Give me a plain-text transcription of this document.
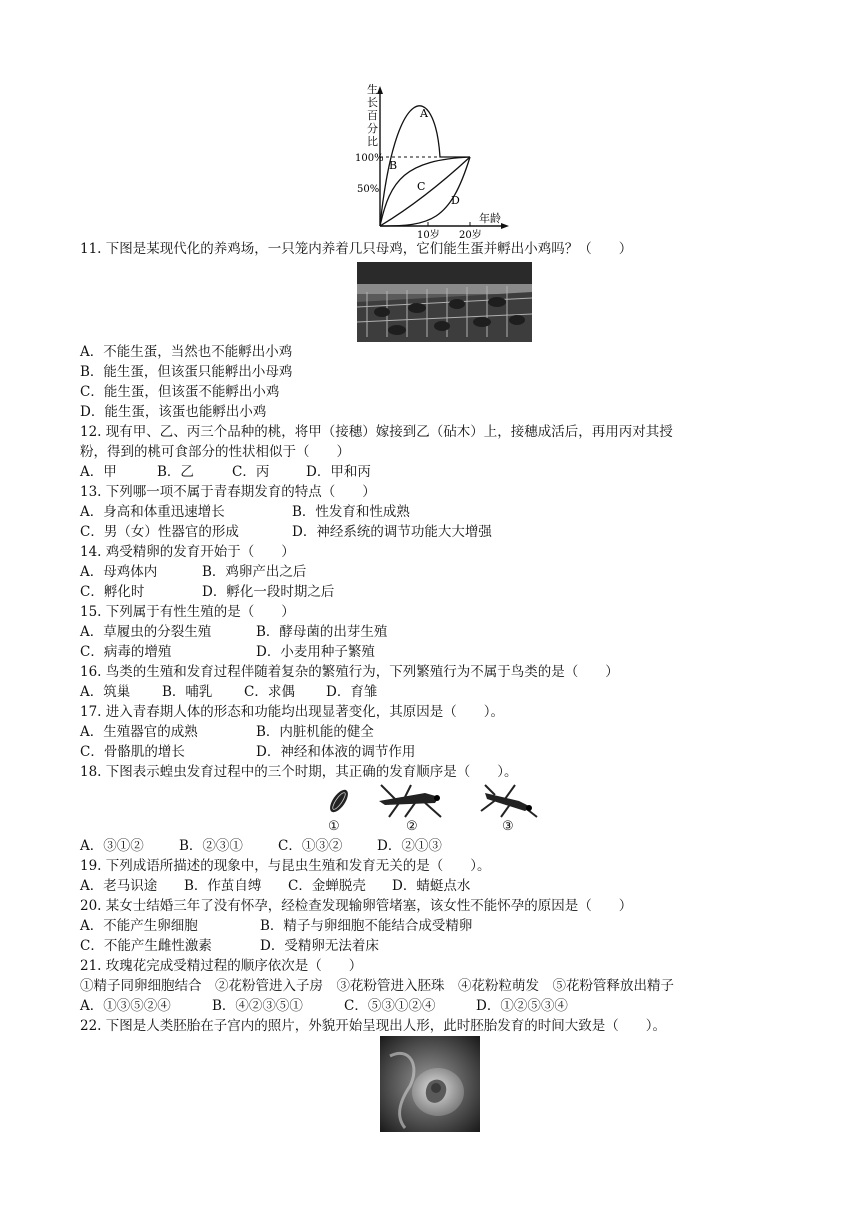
生
长
百
分
比
100%
50%
A
B
C
D
10岁 20岁
年龄
11. 下图是某现代化的养鸡场，一只笼内养着几只母鸡，它们能生蛋并孵出小鸡吗？（　　）
A．不能生蛋，当然也不能孵出小鸡
B．能生蛋，但该蛋只能孵出小母鸡
C．能生蛋，但该蛋不能孵出小鸡
D．能生蛋，该蛋也能孵出小鸡
12. 现有甲、乙、丙三个品种的桃，将甲（接穗）嫁接到乙（砧木）上，接穗成活后，再用丙对其授
粉，得到的桃可食部分的性状相似于（　　）
A．甲	B．乙	C．丙	D．甲和丙
13. 下列哪一项不属于青春期发育的特点（　　）
A．身高和体重迅速增长	B．性发育和性成熟
C．男（女）性器官的形成	D．神经系统的调节功能大大增强
14. 鸡受精卵的发育开始于（　　）
A．母鸡体内	B．鸡卵产出之后
C．孵化时	D．孵化一段时期之后
15. 下列属于有性生殖的是（　　）
A．草履虫的分裂生殖	B．酵母菌的出芽生殖
C．病毒的增殖	D．小麦用种子繁殖
16. 鸟类的生殖和发育过程伴随着复杂的繁殖行为，下列繁殖行为不属于鸟类的是（　　）
A．筑巢 B．哺乳 C．求偶 D．育雏
17. 进入青春期人体的形态和功能均出现显著变化，其原因是（　　）。
A．生殖器官的成熟	B．内脏机能的健全
C．骨骼肌的增长	D．神经和体液的调节作用
18. 下图表示蝗虫发育过程中的三个时期，其正确的发育顺序是（　　）。
①	②	③
A．③①②	B．②③①	C．①③②	D．②①③
19. 下列成语所描述的现象中，与昆虫生殖和发育无关的是（　　）。
A．老马识途 B．作茧自缚 C．金蝉脱壳 D．蜻蜓点水
20. 某女士结婚三年了没有怀孕，经检查发现输卵管堵塞，该女性不能怀孕的原因是（　　）
A．不能产生卵细胞	B．精子与卵细胞不能结合成受精卵
C．不能产生雌性激素	D．受精卵无法着床
21. 玫瑰花完成受精过程的顺序依次是（　　）
①精子同卵细胞结合　②花粉管进入子房　③花粉管进入胚珠　④花粉粒萌发　⑤花粉管释放出精子
A．①③⑤②④	B．④②③⑤①	C．⑤③①②④	D．①②⑤③④
22. 下图是人类胚胎在子宫内的照片，外貌开始呈现出人形，此时胚胎发育的时间大致是（　　）。
